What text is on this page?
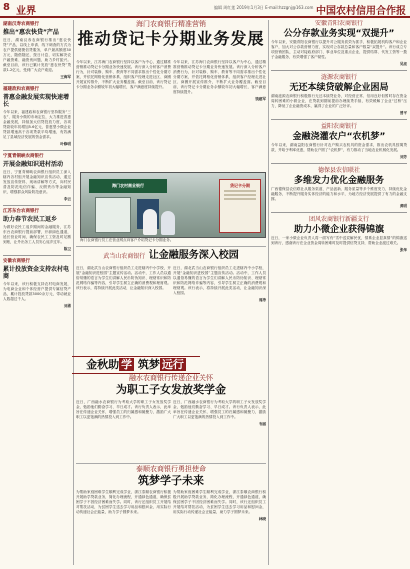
8 业界	编辑 周红莲 2019年1月3日 E-mail:hzzgnj@163.com 中国农村信用合作报
湖南汉寿农商银行
推出“惠农快贷”产品
近日，湖南汉寿农商银行推出“惠农快贷”产品，以线上申请、线下调查的方式为农户提供便捷信贷服务，单户最高额度30万元，随借随还，按日计息，切实解决农户融资难、融资贵问题，助力乡村振兴。截至目前，该行已累计发放“惠农快贷”贷款1.2亿元，受到广大农户欢迎。
王海军
福建政和农商银行
普惠金融发展实现快速增长
今年以来，福建政和农商银行坚持服务“三农”、服务小微的市场定位，大力推进普惠金融发展，持续加大信贷投放力度，各项贷款较年初增加5.6亿元，普惠型小微企业贷款增速高于各项贷款平均增速，有效满足了县域经济发展的资金需求。
叶修明
宁夏青铜峡农商银行
开展金融知识进村活动
近日，宁夏青铜峡农商银行组织员工深入辖内各村组开展金融知识宣传活动，通过发放宣传资料、现场讲解等方式，向村民普及防范电信诈骗、反假货币等金融知识，增强群众风险防范意识。
李云
江苏东台农商银行
助力春节农民工返乡
为做好农民工返乡期间的金融服务，江苏东台农商银行提前部署，开辟绿色通道，延长营业时间，确保农民工工资及时足额到账，让外出务工人员安心返乡过年。
陈卫
安徽农商银行
累计投放资金支持农村电商
今年以来，该行积极支持农村电商发展，为电商企业和个体经营户提供专属信贷产品，累计投放贷款3000余万元，带动就业人数超过千人。
刘勇
海门农商银行精准营销
推动贷记卡分期业务发展
今年以来，江苏海门农商银行坚持以客户为中心，通过精准营销推动贷记卡分期业务快速发展。该行深入分析客户消费行为，针对装修、购车、教育等不同需求推出个性化分期方案，并依托网格化营销体系，组织客户经理走进社区、商圈开展宣传推介，不断扩大业务覆盖面。截至目前，该行贷记卡分期业务余额较年初大幅增长，客户满意度持续提升。
今年以来，江苏海门农商银行坚持以客户为中心，通过精准营销推动贷记卡分期业务快速发展。该行深入分析客户消费行为，针对装修、购车、教育等不同需求推出个性化分期方案，并依托网格化营销体系，组织客户经理走进社区、商圈开展宣传推介，不断扩大业务覆盖面。截至目前，该行贷记卡分期业务余额较年初大幅增长，客户满意度持续提升。
钱建军
海门农村商业银行	贷记卡分期
海门农商银行员工在营业网点向客户介绍贷记卡分期业务。
武当山农商银行 让金融服务深入校园
近日，湖北武当山农商银行组织员工走进辖内中小学校，开展“金融知识进校园”主题宣传活动。活动中，工作人员以通俗易懂的语言为学生们讲解人民币防伪知识、理财常识和防范网络诈骗等内容，引导学生树立正确的消费观和理财观。该行表示，将持续开展此类活动，让金融知识深入校园。
近日，湖北武当山农商银行组织员工走进辖内中小学校，开展“金融知识进校园”主题宣传活动。活动中，工作人员以通俗易懂的语言为学生们讲解人民币防伪知识、理财常识和防范网络诈骗等内容，引导学生树立正确的消费观和理财观。该行表示，将持续开展此类活动，让金融知识深入校园。
周涛
金秋助 学 筑梦 远行
融水农商银行传递企业关怀
为职工子女发放奖学金
近日，广西融水农商银行为考取大学的职工子女发放奖学金，勉励他们勤奋学习、早日成才。该行负责人表示，此举旨在传递企业关怀，增强员工的归属感和凝聚力，激励广大职工以更饱满的热情投入到工作中。
近日，广西融水农商银行为考取大学的职工子女发放奖学金，勉励他们勤奋学习、早日成才。该行负责人表示，此举旨在传递企业关怀，增强员工的归属感和凝聚力，激励广大职工以更饱满的热情投入到工作中。
韦丽
泰顺农商银行勇担使命
筑梦学子未来
为帮助家庭困难学生顺利完成学业，浙江泰顺农商银行积极开展助学贷款业务，简化办理流程，开通绿色通道，确保贫困学子不因经济困难而失学。同时，该行还组织员工开展结对帮扶活动，为贫困学生送去学习用品和慰问金，用实际行动传递社会正能量，助力学子圆梦未来。
为帮助家庭困难学生顺利完成学业，浙江泰顺农商银行积极开展助学贷款业务，简化办理流程，开通绿色通道，确保贫困学子不因经济困难而失学。同时，该行还组织员工开展结对帮扶活动，为贫困学生送去学习用品和慰问金，用实际行动传递社会正能量，助力学子圆梦未来。
林晓
安徽青阳农商银行
公分存款业务实现“双提升”
今年以来，安徽青阳农商银行以提升对公服务质效为抓手，积极拓展机构客户和企业客户，加大对公存款营销力度，实现对公存款总量和客户数量“双提升”。该行成立专项营销团队，主动对接政府部门、事业单位及重点企业，提供结算、代发工资等一揽子金融服务，有效增强了客户黏性。
吴亮
涟源农商银行
无还本续贷破解企业困局
湖南涟源农商银行积极推行无还本续贷业务，对经营正常、信用良好但暂时存在资金周转困难的小微企业，在贷款到期前提前办理续贷手续，有效缓解了企业“过桥”压力，降低了企业融资成本，赢得了企业的广泛好评。
曾平
益阳农商银行
金融浇灌农户“农机梦”
今年以来，湖南益阳农商银行针对农户购买农机具的资金需求，推出农机具按揭贷款，并给予利率优惠，帮助农户圆了“农机梦”，有力推动了当地农业机械化发展。
刘芳
德保县农信联社
多维发力优化金融服务
广西德保县农信联社从服务渠道、产品创新、服务质量等多个维度发力，持续优化金融服务，不断提升服务实体经济的能力和水平，为地方经济发展提供了有力的金融支撑。
黄明
团风农商银行新疆支行
助力小微企业获得锦旗
近日，一家小微企业负责人将一面写有“雪中送炭解民忧，情系企业显真情”的锦旗送到该行，感谢该行在企业资金周转困难时及时提供信贷支持，帮助企业渡过难关。
张华
